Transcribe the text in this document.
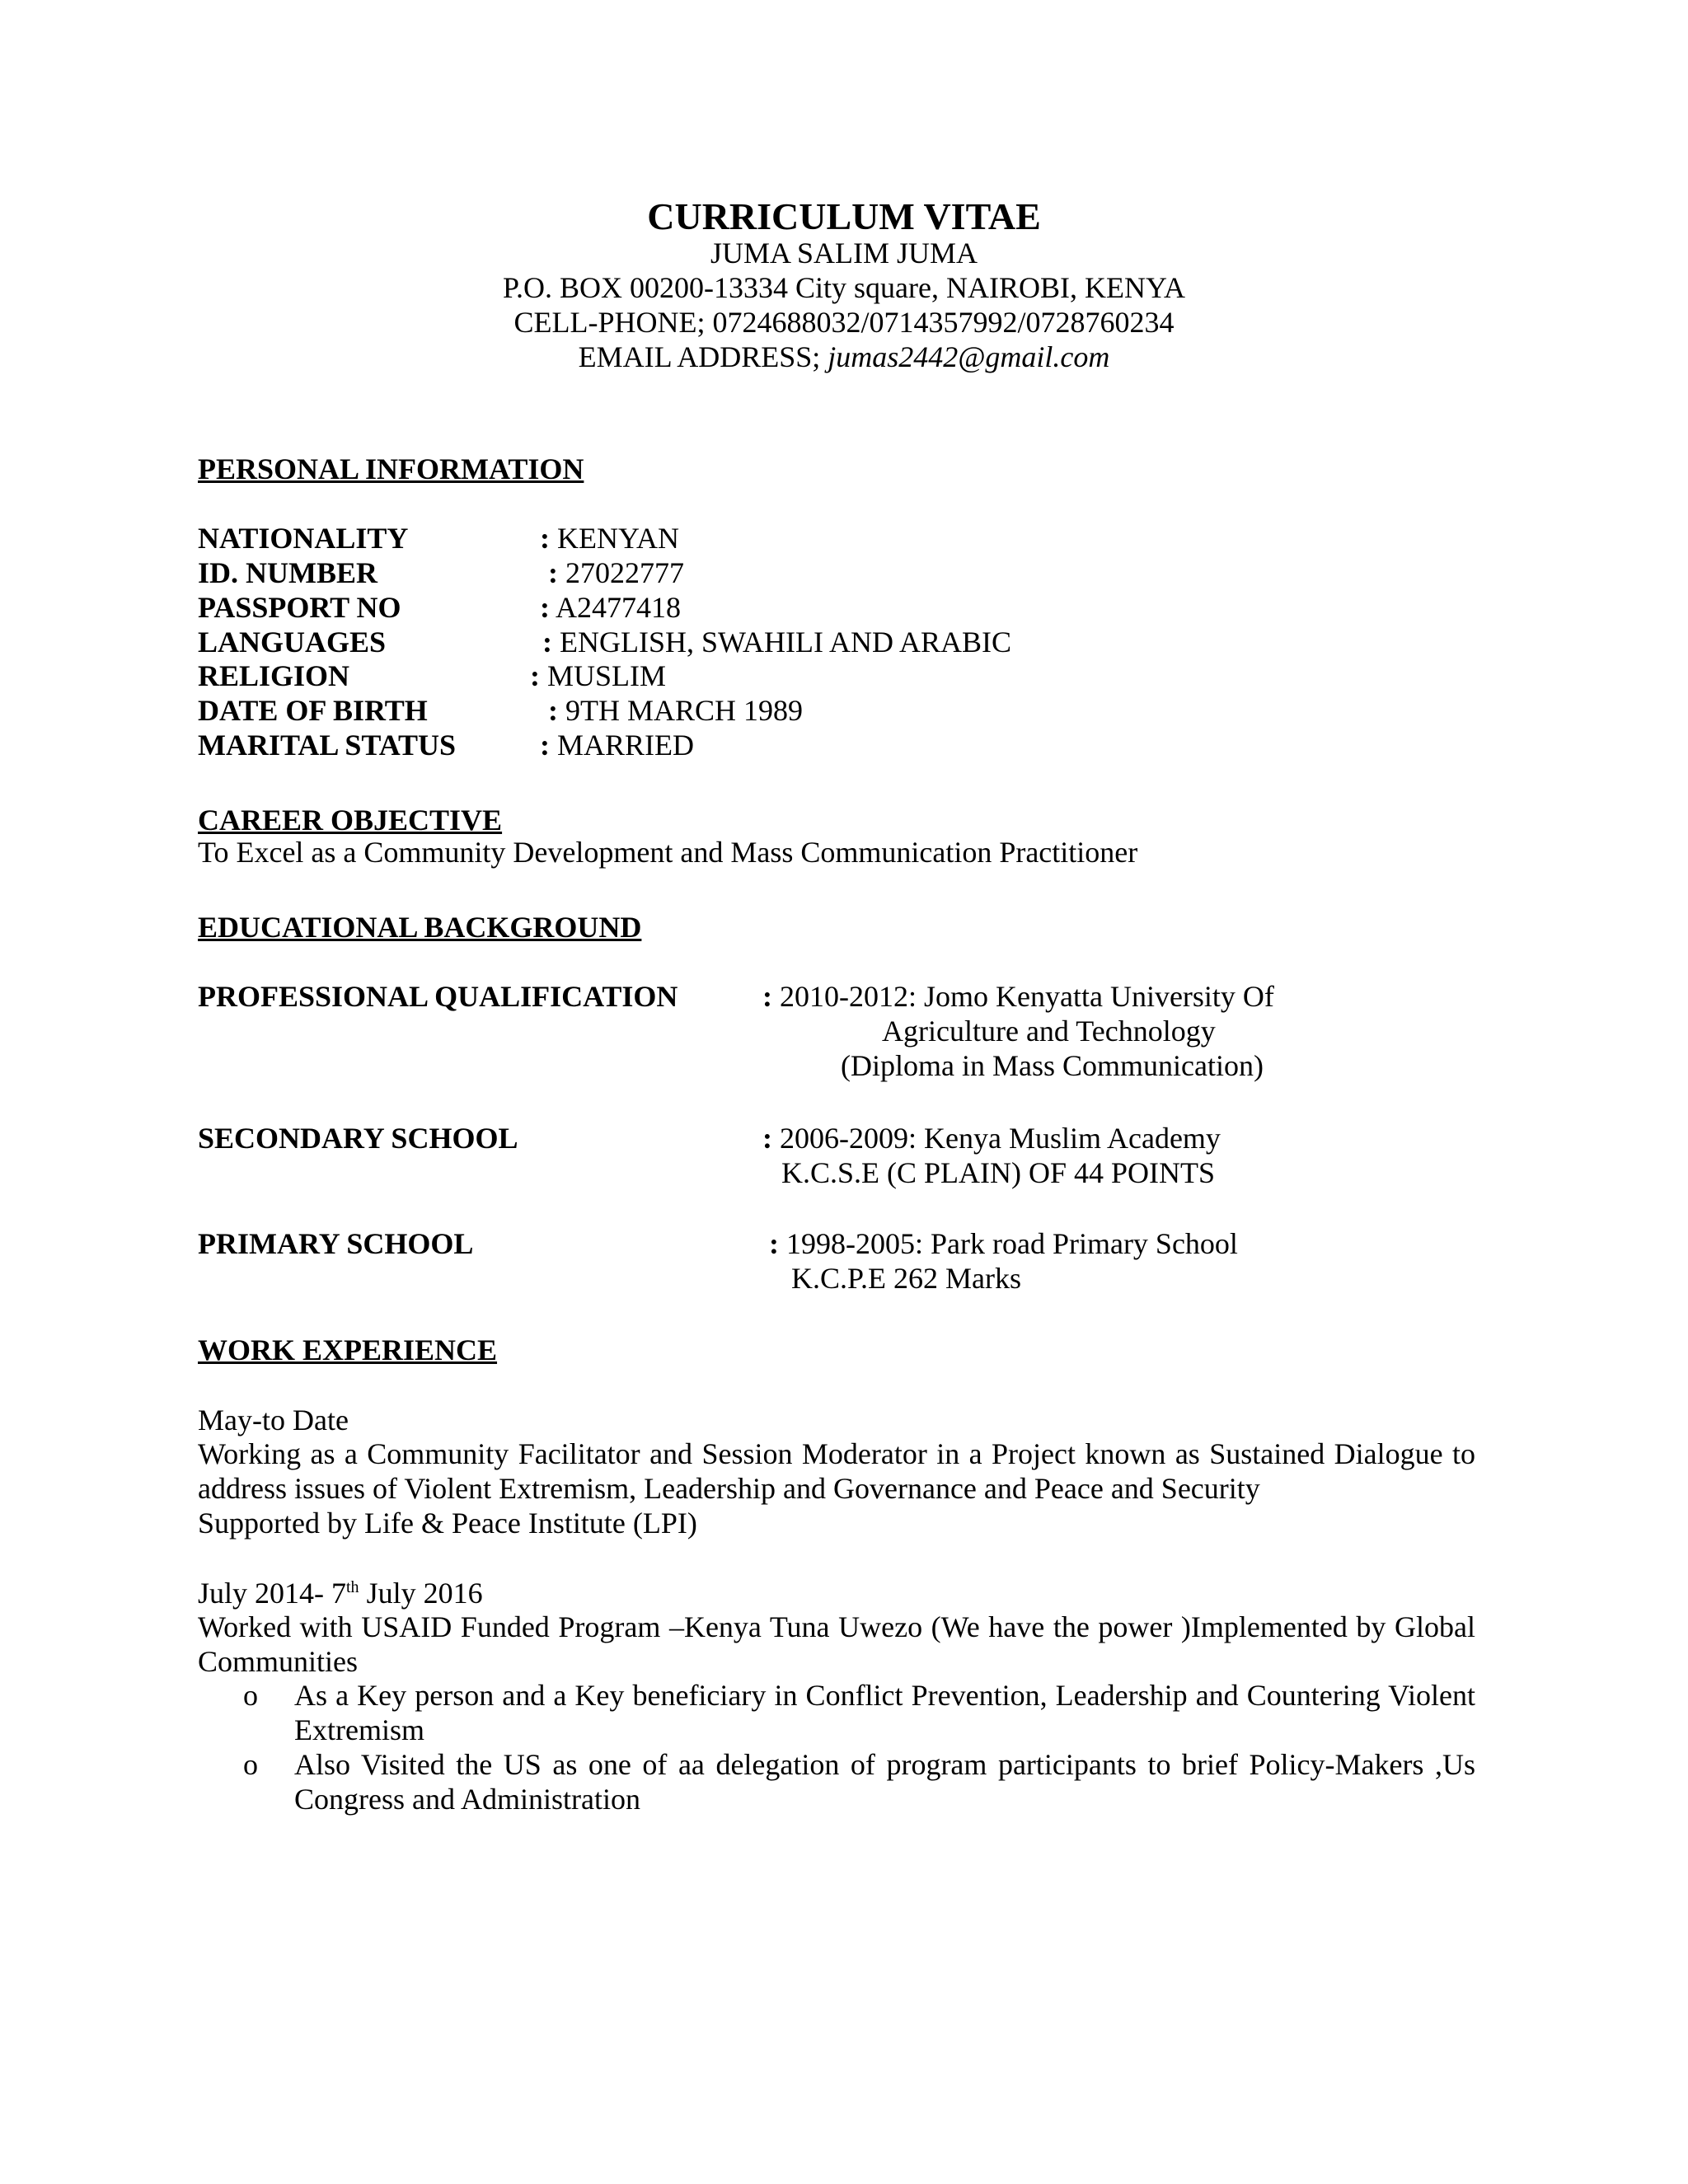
CURRICULUM VITAE
JUMA SALIM JUMA
P.O. BOX 00200-13334 City square, NAIROBI, KENYA
CELL-PHONE; 0724688032/0714357992/0728760234
EMAIL ADDRESS; jumas2442@gmail.com
PERSONAL INFORMATION
NATIONALITY	: KENYAN
ID. NUMBER	: 27022777
PASSPORT NO	: A2477418
LANGUAGES	: ENGLISH, SWAHILI AND ARABIC
RELIGION	: MUSLIM
DATE OF BIRTH	: 9TH MARCH 1989
MARITAL STATUS	: MARRIED
CAREER OBJECTIVE
To Excel as a Community Development and Mass Communication Practitioner
EDUCATIONAL BACKGROUND
PROFESSIONAL QUALIFICATION	: 2010-2012: Jomo Kenyatta University Of
Agriculture and Technology
(Diploma in Mass Communication)
SECONDARY SCHOOL	: 2006-2009: Kenya Muslim Academy
K.C.S.E (C PLAIN) OF 44 POINTS
PRIMARY SCHOOL	: 1998-2005: Park road Primary School
K.C.P.E 262 Marks
WORK EXPERIENCE
May-to Date
Working as a Community Facilitator and Session Moderator in a Project known as Sustained Dialogue to address issues of Violent Extremism, Leadership and Governance and Peace and Security
Supported by Life & Peace Institute (LPI)
July 2014- 7th July 2016
Worked with USAID Funded Program –Kenya Tuna Uwezo (We have the power )Implemented by Global Communities
o As a Key person and a Key beneficiary in Conflict Prevention, Leadership and Countering Violent Extremism
o Also Visited the US as one of aa delegation of program participants to brief Policy-Makers ,Us Congress and Administration
